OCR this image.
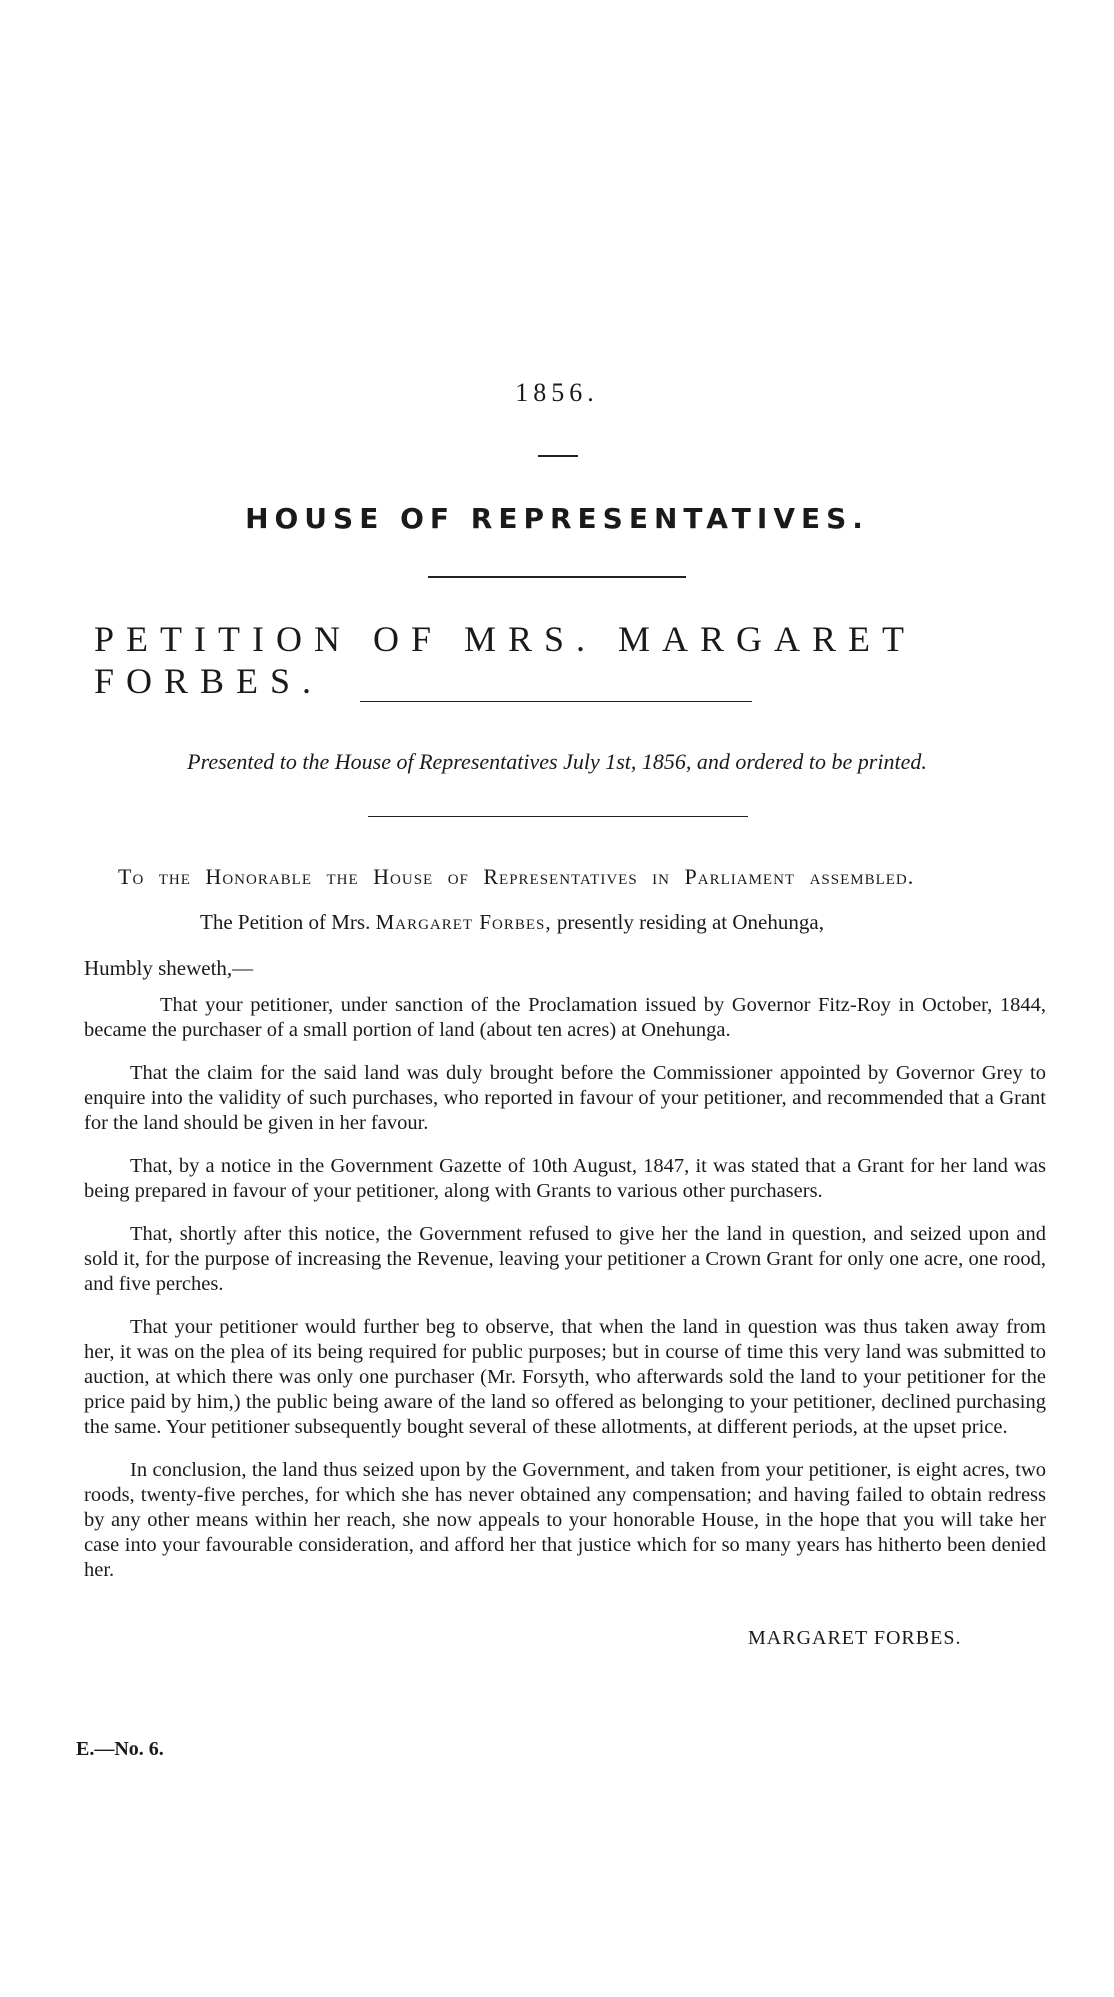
1856.
HOUSE OF REPRESENTATIVES.
PETITION OF MRS. MARGARET FORBES.
Presented to the House of Representatives July 1st, 1856, and ordered to be printed.
To the Honorable the House of Representatives in Parliament assembled.
The Petition of Mrs. Margaret Forbes, presently residing at Onehunga,
Humbly sheweth,—

That your petitioner, under sanction of the Proclamation issued by Governor Fitz-Roy in October, 1844, became the purchaser of a small portion of land (about ten acres) at Onehunga.

That the claim for the said land was duly brought before the Commissioner appointed by Governor Grey to enquire into the validity of such purchases, who reported in favour of your petitioner, and recommended that a Grant for the land should be given in her favour.

That, by a notice in the Government Gazette of 10th August, 1847, it was stated that a Grant for her land was being prepared in favour of your petitioner, along with Grants to various other purchasers.

That, shortly after this notice, the Government refused to give her the land in question, and seized upon and sold it, for the purpose of increasing the Revenue, leaving your petitioner a Crown Grant for only one acre, one rood, and five perches.

That your petitioner would further beg to observe, that when the land in question was thus taken away from her, it was on the plea of its being required for public purposes; but in course of time this very land was submitted to auction, at which there was only one purchaser (Mr. Forsyth, who afterwards sold the land to your petitioner for the price paid by him,) the public being aware of the land so offered as belonging to your petitioner, declined purchasing the same. Your petitioner subsequently bought several of these allotments, at different periods, at the upset price.

In conclusion, the land thus seized upon by the Government, and taken from your petitioner, is eight acres, two roods, twenty-five perches, for which she has never obtained any compensation; and having failed to obtain redress by any other means within her reach, she now appeals to your honorable House, in the hope that you will take her case into your favourable consideration, and afford her that justice which for so many years has hitherto been denied her.

MARGARET FORBES.
E.—No. 6.
